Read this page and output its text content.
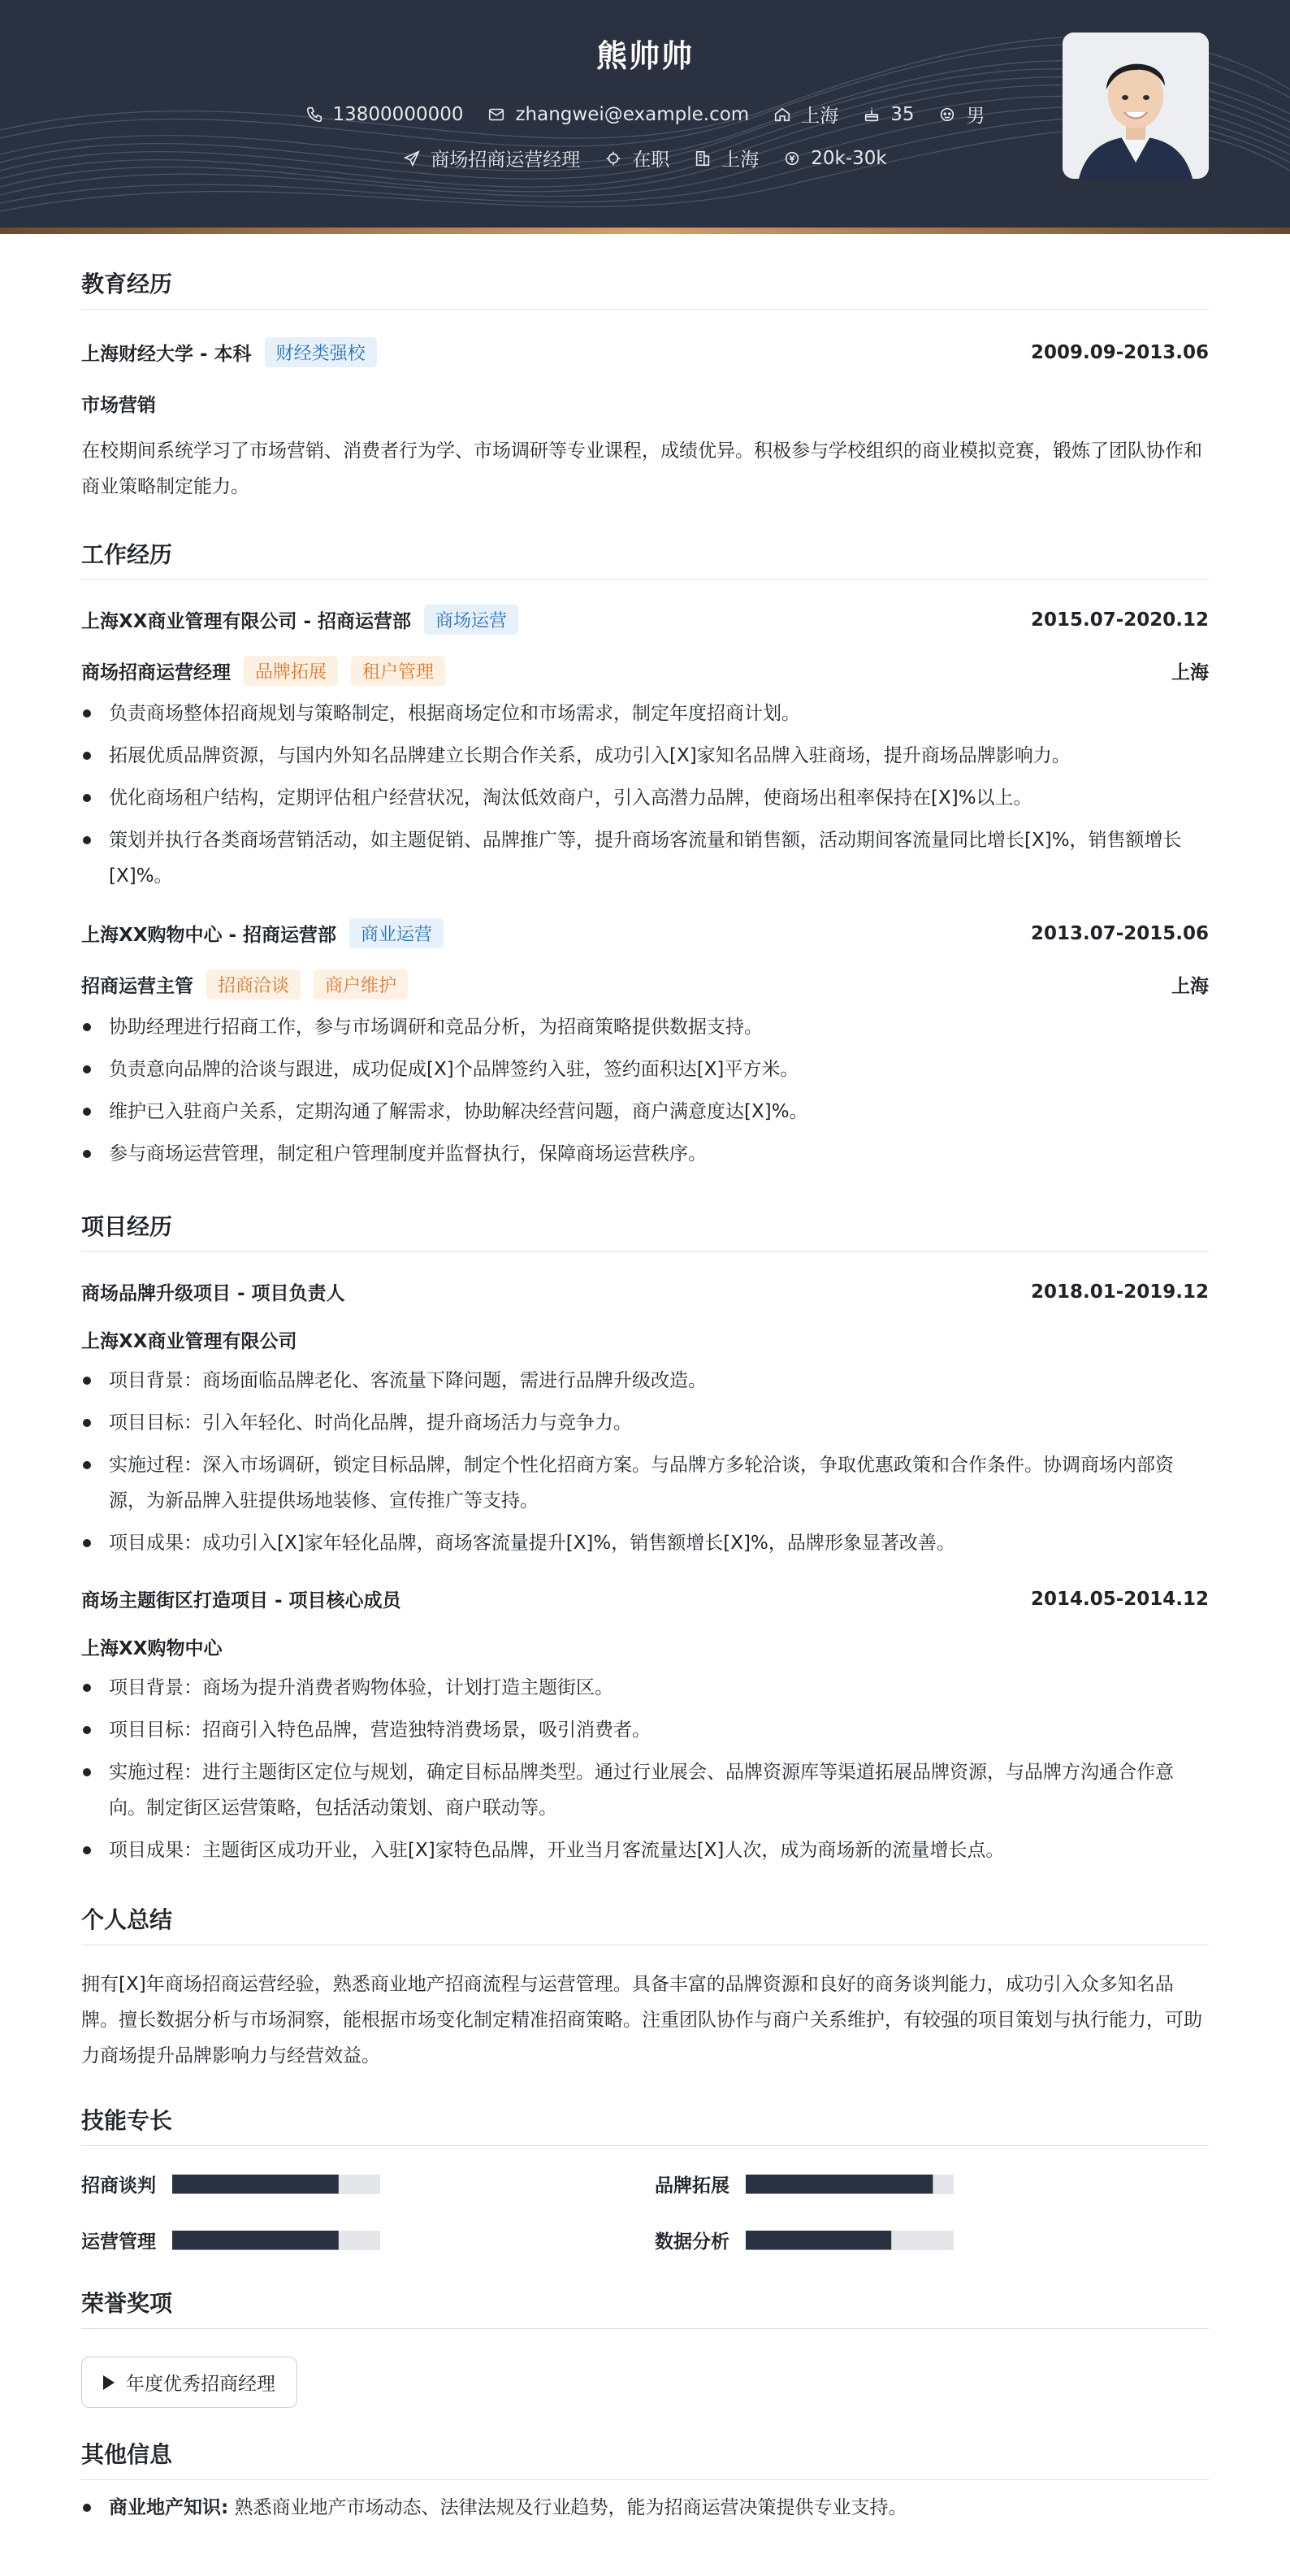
熊帅帅
13800000000	zhangwei@example.com	上海	35	男
商场招商运营经理	在职	上海	20k-30k
教育经历
上海财经大学 - 本科	财经类强校	2009.09-2013.06
市场营销
在校期间系统学习了市场营销、消费者行为学、市场调研等专业课程，成绩优异。积极参与学校组织的商业模拟竞赛，锻炼了团队协作和商业策略制定能力。
工作经历
上海XX商业管理有限公司 - 招商运营部	商场运营	2015.07-2020.12
商场招商运营经理	品牌拓展	租户管理	上海
负责商场整体招商规划与策略制定，根据商场定位和市场需求，制定年度招商计划。
拓展优质品牌资源，与国内外知名品牌建立长期合作关系，成功引入[X]家知名品牌入驻商场，提升商场品牌影响力。
优化商场租户结构，定期评估租户经营状况，淘汰低效商户，引入高潜力品牌，使商场出租率保持在[X]%以上。
策划并执行各类商场营销活动，如主题促销、品牌推广等，提升商场客流量和销售额，活动期间客流量同比增长[X]%，销售额增长[X]%。
上海XX购物中心 - 招商运营部	商业运营	2013.07-2015.06
招商运营主管	招商洽谈	商户维护	上海
协助经理进行招商工作，参与市场调研和竞品分析，为招商策略提供数据支持。
负责意向品牌的洽谈与跟进，成功促成[X]个品牌签约入驻，签约面积达[X]平方米。
维护已入驻商户关系，定期沟通了解需求，协助解决经营问题，商户满意度达[X]%。
参与商场运营管理，制定租户管理制度并监督执行，保障商场运营秩序。
项目经历
商场品牌升级项目 - 项目负责人	2018.01-2019.12
上海XX商业管理有限公司
项目背景：商场面临品牌老化、客流量下降问题，需进行品牌升级改造。
项目目标：引入年轻化、时尚化品牌，提升商场活力与竞争力。
实施过程：深入市场调研，锁定目标品牌，制定个性化招商方案。与品牌方多轮洽谈，争取优惠政策和合作条件。协调商场内部资源，为新品牌入驻提供场地装修、宣传推广等支持。
项目成果：成功引入[X]家年轻化品牌，商场客流量提升[X]%，销售额增长[X]%，品牌形象显著改善。
商场主题街区打造项目 - 项目核心成员	2014.05-2014.12
上海XX购物中心
项目背景：商场为提升消费者购物体验，计划打造主题街区。
项目目标：招商引入特色品牌，营造独特消费场景，吸引消费者。
实施过程：进行主题街区定位与规划，确定目标品牌类型。通过行业展会、品牌资源库等渠道拓展品牌资源，与品牌方沟通合作意向。制定街区运营策略，包括活动策划、商户联动等。
项目成果：主题街区成功开业，入驻[X]家特色品牌，开业当月客流量达[X]人次，成为商场新的流量增长点。
个人总结
拥有[X]年商场招商运营经验，熟悉商业地产招商流程与运营管理。具备丰富的品牌资源和良好的商务谈判能力，成功引入众多知名品牌。擅长数据分析与市场洞察，能根据市场变化制定精准招商策略。注重团队协作与商户关系维护，有较强的项目策划与执行能力，可助力商场提升品牌影响力与经营效益。
技能专长
招商谈判	品牌拓展
运营管理	数据分析
荣誉奖项
年度优秀招商经理
其他信息
商业地产知识: 熟悉商业地产市场动态、法律法规及行业趋势，能为招商运营决策提供专业支持。
